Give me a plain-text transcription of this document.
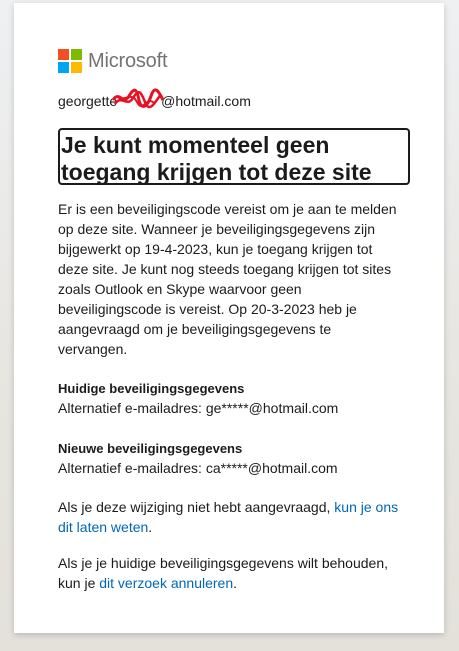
Microsoft
georgette	@hotmail.com
Je kunt momenteel geen toegang krijgen tot deze site
Er is een beveiligingscode vereist om je aan te melden op deze site. Wanneer je beveiligingsgegevens zijn bijgewerkt op 19-4-2023, kun je toegang krijgen tot deze site. Je kunt nog steeds toegang krijgen tot sites zoals Outlook en Skype waarvoor geen beveiligingscode is vereist. Op 20-3-2023 heb je aangevraagd om je beveiligingsgegevens te vervangen.
Huidige beveiligingsgegevens
Alternatief e-mailadres: ge*****@hotmail.com
Nieuwe beveiligingsgegevens
Alternatief e-mailadres: ca*****@hotmail.com
Als je deze wijziging niet hebt aangevraagd, kun je ons dit laten weten.
Als je je huidige beveiligingsgegevens wilt behouden, kun je dit verzoek annuleren.
